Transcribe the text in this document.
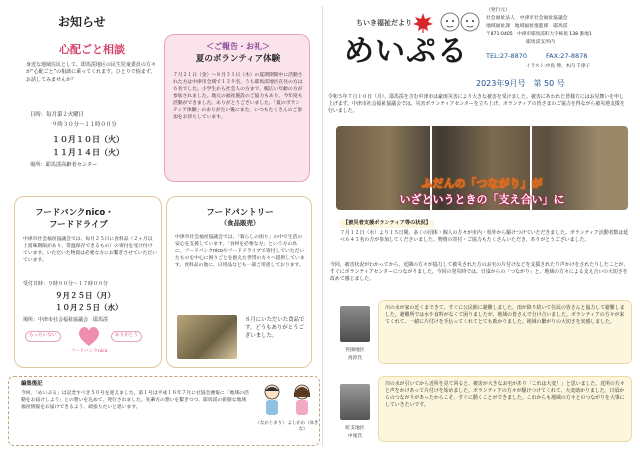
お知らせ
心配ごと相談
身近な地域住民として、即馬渓地区の民生児童委員の方々が“心配ごと”の相談に乗ってくれます。ひとりで悩まず、お話してみませんか？
日時：毎月第２火曜日
９時３０分〜１１時００分
１０月１０日（火）
１１月１４日（火）
場所：耶馬渓高齢者センター
＜ご報告・お礼＞
夏のボランティア体験
７月２１日（金）〜８月３１日（木）の夏期期間中に活動された方は中津市全域で１３９名、うち耶馬渓地区在住の方は６名でした。小学生から社会人の方まで、幅広い年齢の方が参加されました。地元の福祉施設のご協力もあり、今年度も活動ができました。ありがとうございました。「夏のボランティア体験」のありがたい後にまた、いつもたくさんのご参加をお待ちしています。
フードバンクnico・
フードドライブ
中津市社会福祉協議会では、毎月２５日に食料品（２ヶ月以上賞味期限があり、常温保存できるもの）の寄付を受け付けています。いただいた物資は必要な方にお繋ぎさせていただいています。
受付日時：９時００分〜１７時００分
９月２５日（月）
１０月２５日（水）
場所：中津市社会福祉協議会　耶馬渓
もったいない	ありがとう
フードバンクnico
フードパントリー
（食品販売）
中津市社会福祉協議会では、「暮らしの困り」の中で生活の安心を支援しています。「食材を必要な方」という方の為に、フードバンクnicoやフードドライブで寄付していただいたものを中心に困りごとを抱えた世帯の方々へ提供しています。食料品の他に、日用品なども一部ご用意しております。
８月にいただいた食品です。どうもありがとうございました。
編集後記
今回、「めいぷる」は記念すべき５０号を迎えました。第１号は平成１８年７月に社協会便報に「地域の活動をお届けしよう」との想いを込めて、発行されました。先輩方の想いを繋ぎつつ、耶馬渓の新鮮な地域福祉情報をお届けできるよう、頑張りたいと思います。
（なかじまり） よしかわ（ゆきな）
ちいき福祉だより
めいぷる
2023年9月号　第 50 号
（発行元）
社会福祉法人　中津市社会福祉協議会
地域福祉課　地域福祉推進係　耶馬渓
〒871-0405　中津市耶馬渓町大字柿坂 138 番地1
耶馬渓支所内
TEL:27-8870	FAX:27-8878
イラスト:中島 伸、木内 千津子
令和５年７月１０日（月）、耶馬渓を含む中津市は豪雨災害により大きな被害を受けました。被害にあわれた皆様方にはお見舞いを申し上げます。中津市社会福祉協議会では、災害ボランティアセンターを立ち上げ、ボランティアの皆さまのご協力を得ながら被災地支援を行いました。
ふだんの「つながり」が
いざというときの「支え合い」に
【被災者支援ボランティア等の状況】
７月１２日（水）より１５日間、多くの団体・個人の方々が市内・県外から駆けつけていただきました。ボランティア活動者数は延べ６４３名の方が参加してくださいました。物資の寄付・ご協力もたくさんいただき、ありがとうございました。
今回、被害状況がわかってから、近隣の方々が協力して被災された方のお宅の片付けなどを支援されたり声かけをされたりしたことが、すぐにボランティアセンターにつながりました。今回の発災時では、日頃からの「つながり」と、地域の方々による支え合いの大切さを改めて感じました。
宮園地区
真淳氏
川の水が家の近くまできて、すぐに公民館に避難しました。雨が降り続いて住民の皆さんと協力して避難しました。避難所では水や食料がなくて困りましたが、地域の皆さんで分け合いました。ボランティアの方々が来てくれて、一緒に片付けを手伝ってくれてとても助かりました。地域の繋がりの大切さを実感しました。
町支地区
中尾氏
川の水が引いてから近所を見て回ると、被害が大きなお宅があり「これは大変！」と思いました。近所の方々と声をかけあって片付けを始めました。ボランティアの方々が駆けつけてくれて、大変助かりました。日頃からのつながりがあったからこそ、すぐに動くことができました。これからも地域の方々とのつながりを大事にしていきたいです。
